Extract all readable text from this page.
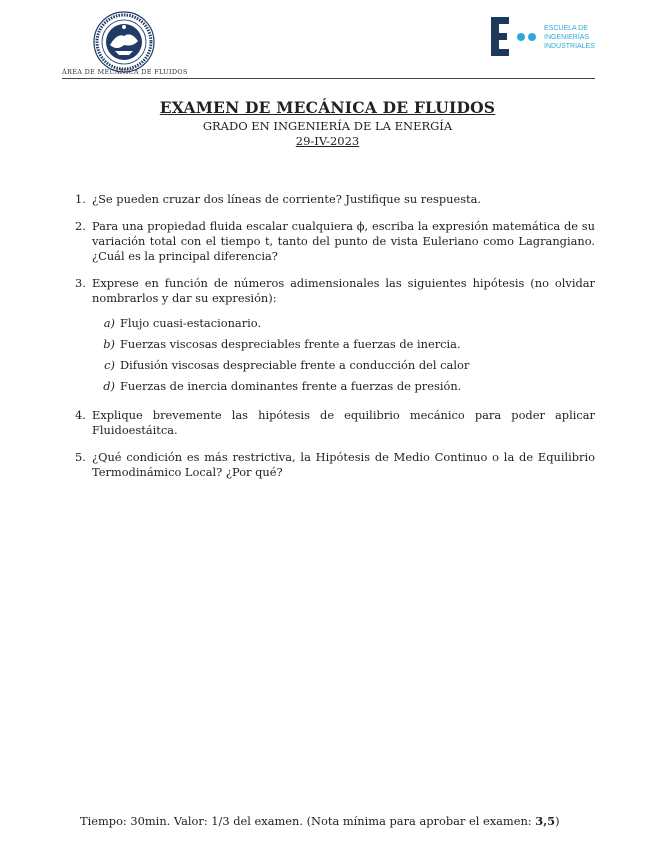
ÁREA DE MECÁNICA DE FLUIDOS
ESCUELA DE
INGENIERÍAS
INDUSTRIALES
EXAMEN DE MECÁNICA DE FLUIDOS
GRADO EN INGENIERÍA DE LA ENERGÍA
29-IV-2023
1. ¿Se pueden cruzar dos líneas de corriente? Justifique su respuesta.
2. Para una propiedad fluida escalar cualquiera ϕ, escriba la expresión matemática de su variación total con el tiempo t, tanto del punto de vista Euleriano como Lagrangiano. ¿Cuál es la principal diferencia?
3. Exprese en función de números adimensionales las siguientes hipótesis (no olvidar nombrarlos y dar su expresión):
a) Flujo cuasi-estacionario.
b) Fuerzas viscosas despreciables frente a fuerzas de inercia.
c) Difusión viscosas despreciable frente a conducción del calor
d) Fuerzas de inercia dominantes frente a fuerzas de presión.
4. Explique brevemente las hipótesis de equilibrio mecánico para poder aplicar Fluidoestáitca.
5. ¿Qué condición es más restrictiva, la Hipótesis de Medio Continuo o la de Equilibrio Termodinámico Local? ¿Por qué?
Tiempo: 30min. Valor: 1/3 del examen. (Nota mínima para aprobar el examen: 3,5)
